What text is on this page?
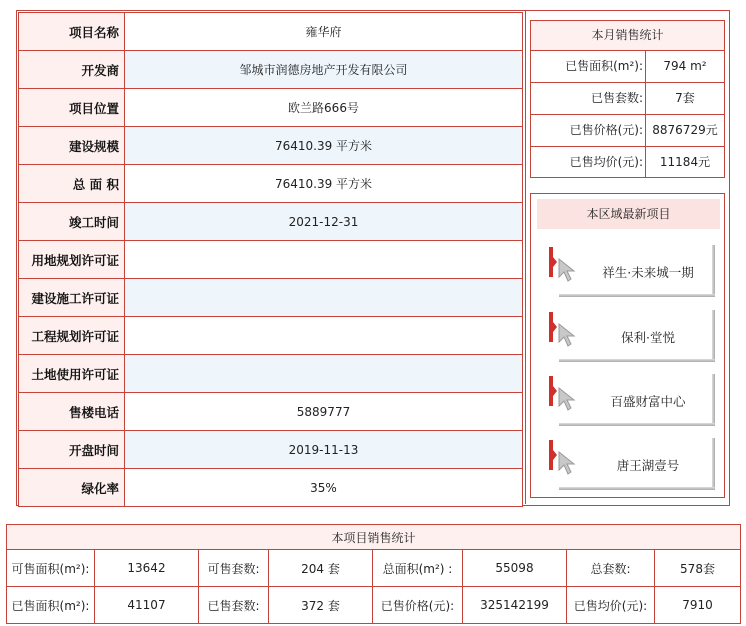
项目名称	雍华府
开发商	邹城市润德房地产开发有限公司
项目位置	欧兰路666号
建设规模	76410.39 平方米
总 面 积	76410.39 平方米
竣工时间	2021-12-31
用地规划许可证	
建设施工许可证	
工程规划许可证	
土地使用许可证	
售楼电话	5889777
开盘时间	2019-11-13
绿化率	35%
本月销售统计
已售面积(m²):	794 m²
已售套数:	7套
已售价格(元): 8876729元
已售均价(元):	11184元
本区域最新项目
祥生·未来城一期
保利·堂悦
百盛财富中心
唐王湖壹号
本项目销售统计							
可售面积(m²):	13642	可售套数:	204 套	总面积(m²) :	55098	总套数:	578套
已售面积(m²):	41107	已售套数:	372 套	已售价格(元):	325142199	已售均价(元):	7910
